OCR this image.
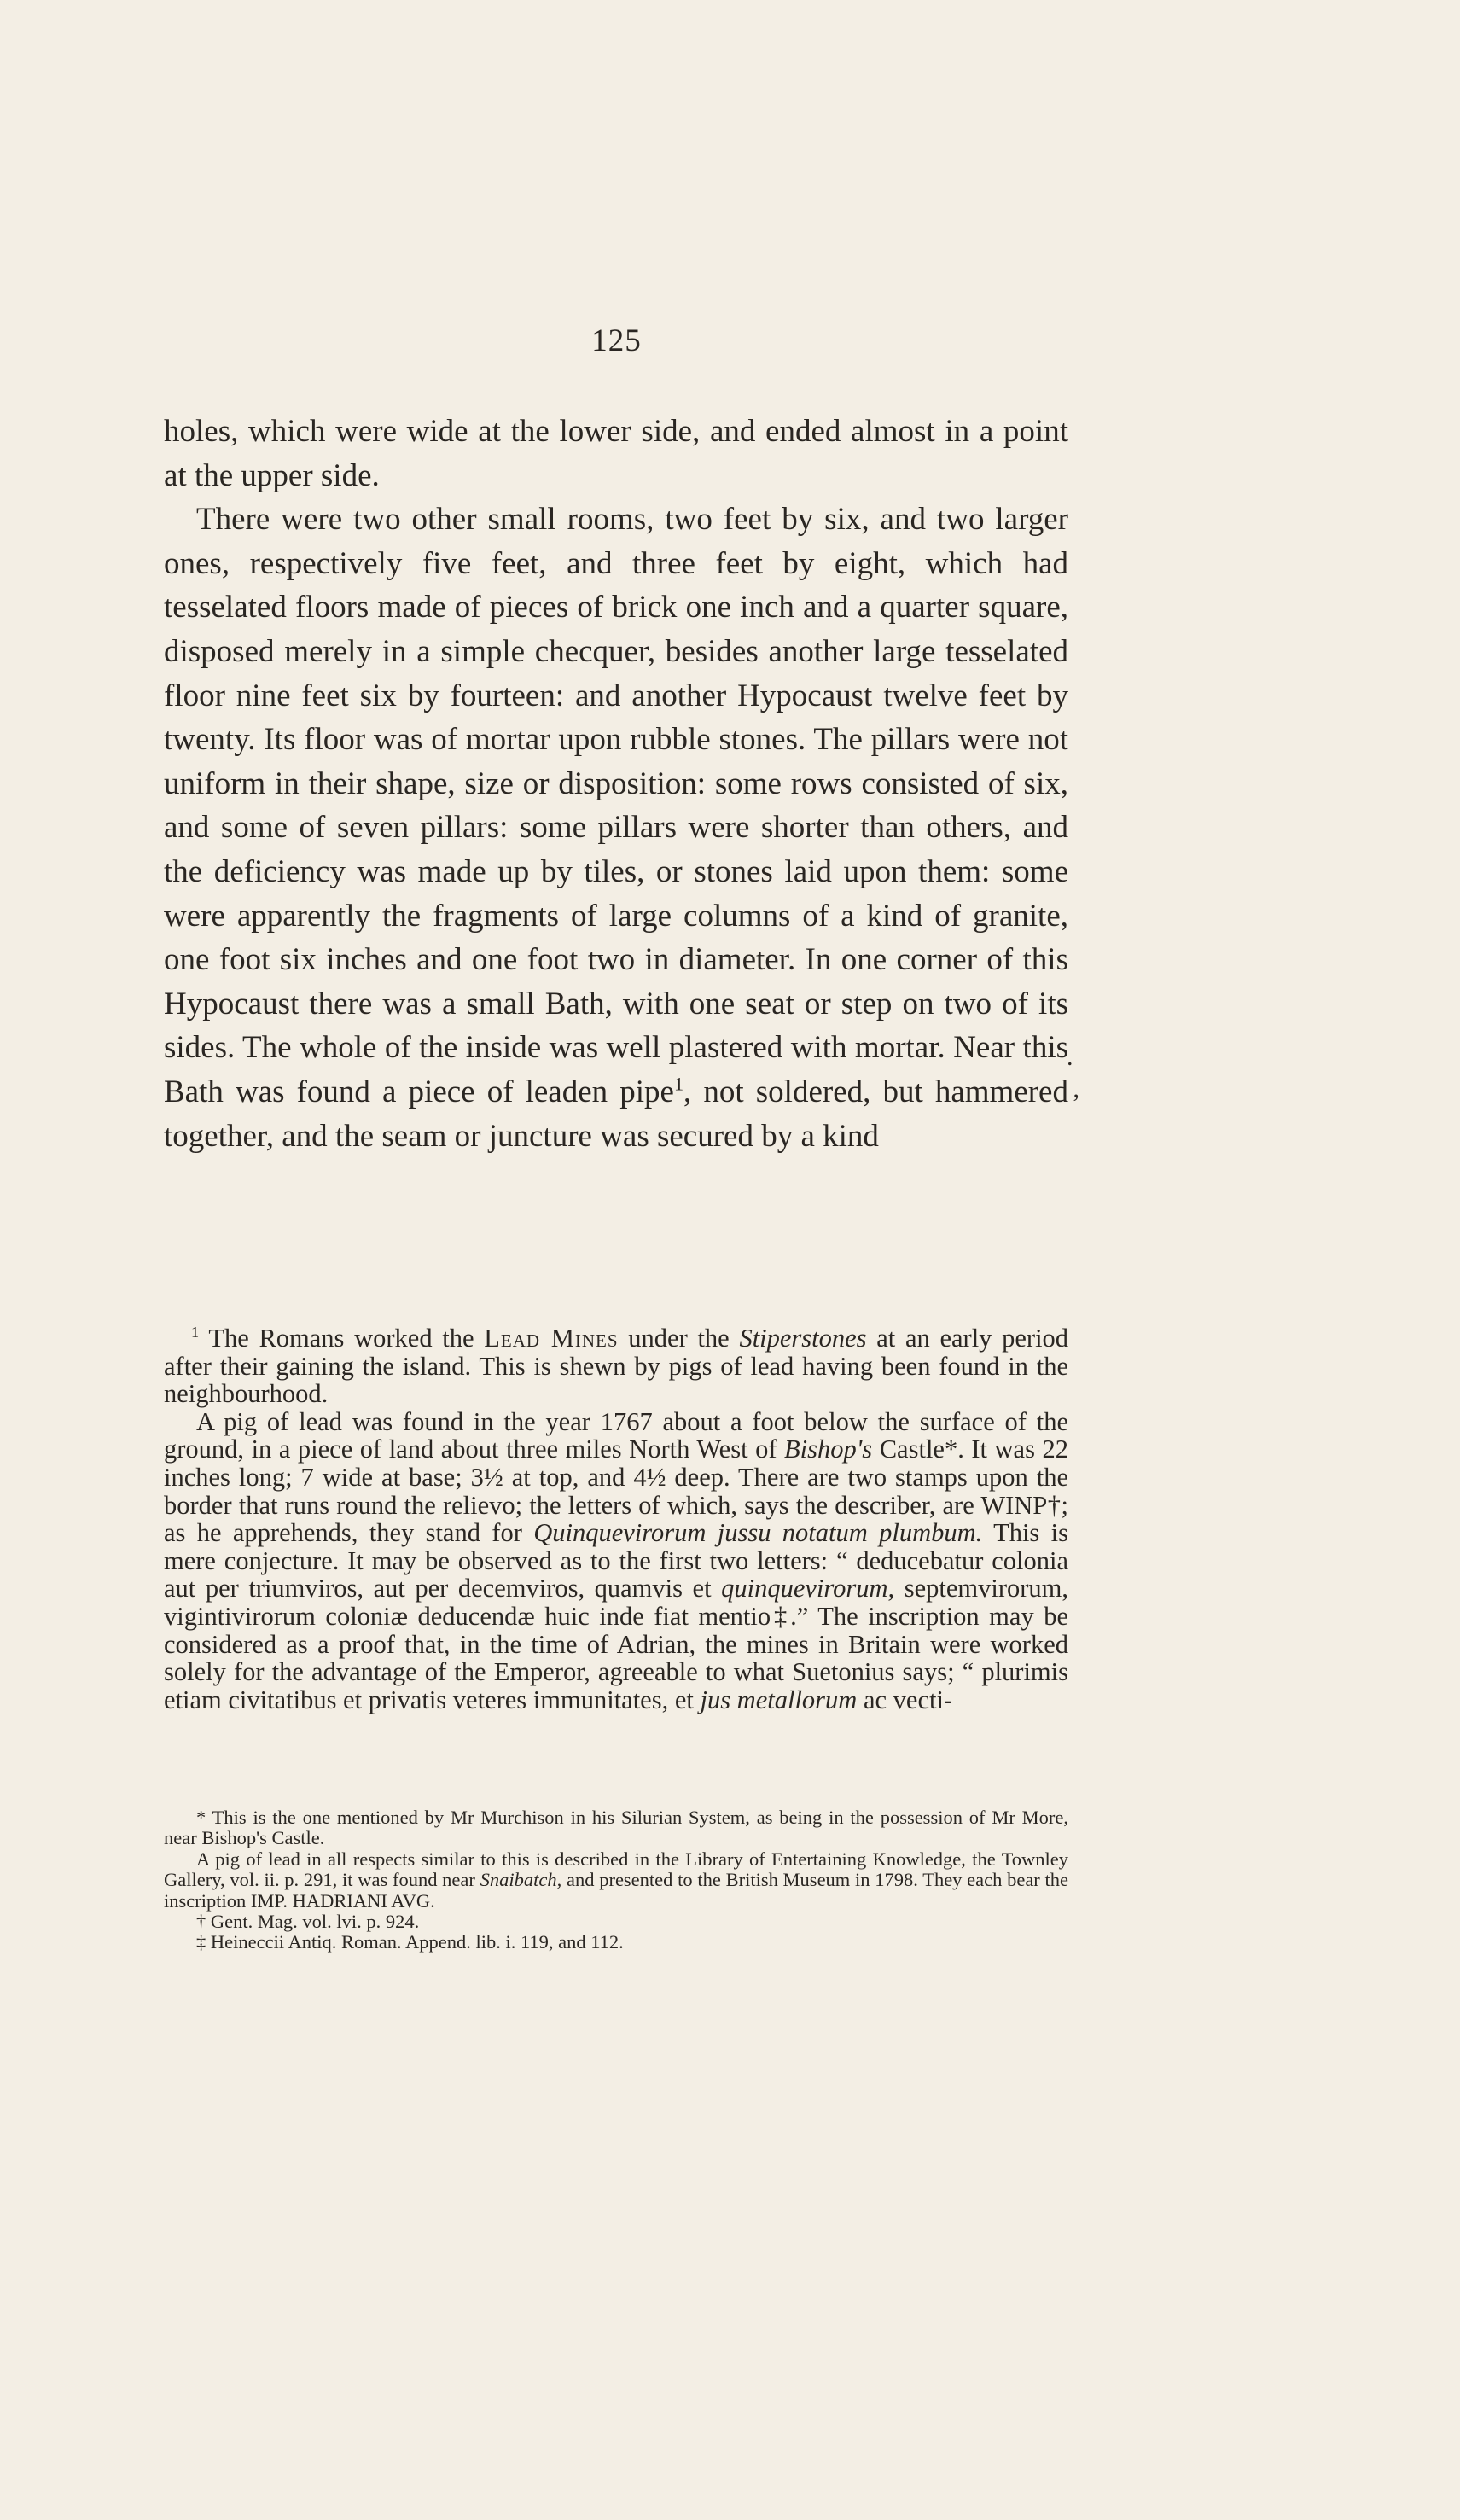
125

holes, which were wide at the lower side, and ended almost in a point at the upper side.

There were two other small rooms, two feet by six, and two larger ones, respectively five feet, and three feet by eight, which had tesselated floors made of pieces of brick one inch and a quarter square, disposed merely in a simple checquer, besides another large tesselated floor nine feet six by fourteen: and another Hypocaust twelve feet by twenty. Its floor was of mortar upon rubble stones. The pillars were not uniform in their shape, size or disposition: some rows consisted of six, and some of seven pillars: some pillars were shorter than others, and the deficiency was made up by tiles, or stones laid upon them: some were apparently the fragments of large columns of a kind of granite, one foot six inches and one foot two in diameter. In one corner of this Hypocaust there was a small Bath, with one seat or step on two of its sides. The whole of the inside was well plastered with mortar. Near this Bath was found a piece of leaden pipe$^1$, not soldered, but hammered together, and the seam or juncture was secured by a kind

.
’

$^1$ The Romans worked the Lead Mines under the Stiperstones at an early period after their gaining the island. This is shewn by pigs of lead having been found in the neighbourhood.

A pig of lead was found in the year 1767 about a foot below the surface of the ground, in a piece of land about three miles North West of Bishop's Castle*. It was 22 inches long; 7 wide at base; 3½ at top, and 4½ deep. There are two stamps upon the border that runs round the relievo; the letters of which, says the describer, are WINP†; as he apprehends, they stand for Quinquevirorum jussu notatum plumbum. This is mere conjecture. It may be observed as to the first two letters: “ deducebatur colonia aut per triumviros, aut per decemviros, quamvis et quinquevirorum, septemvirorum, vigintivirorum coloniæ deducendæ huic inde fiat mentio‡.” The inscription may be considered as a proof that, in the time of Adrian, the mines in Britain were worked solely for the advantage of the Emperor, agreeable to what Suetonius says; “ plurimis etiam civitatibus et privatis veteres immunitates, et jus metallorum ac vecti-

* This is the one mentioned by Mr Murchison in his Silurian System, as being in the possession of Mr More, near Bishop's Castle.

A pig of lead in all respects similar to this is described in the Library of Entertaining Knowledge, the Townley Gallery, vol. ii. p. 291, it was found near Snaibatch, and presented to the British Museum in 1798. They each bear the inscription IMP. HADRIANI AVG.

† Gent. Mag. vol. lvi. p. 924.

‡ Heineccii Antiq. Roman. Append. lib. i. 119, and 112.
